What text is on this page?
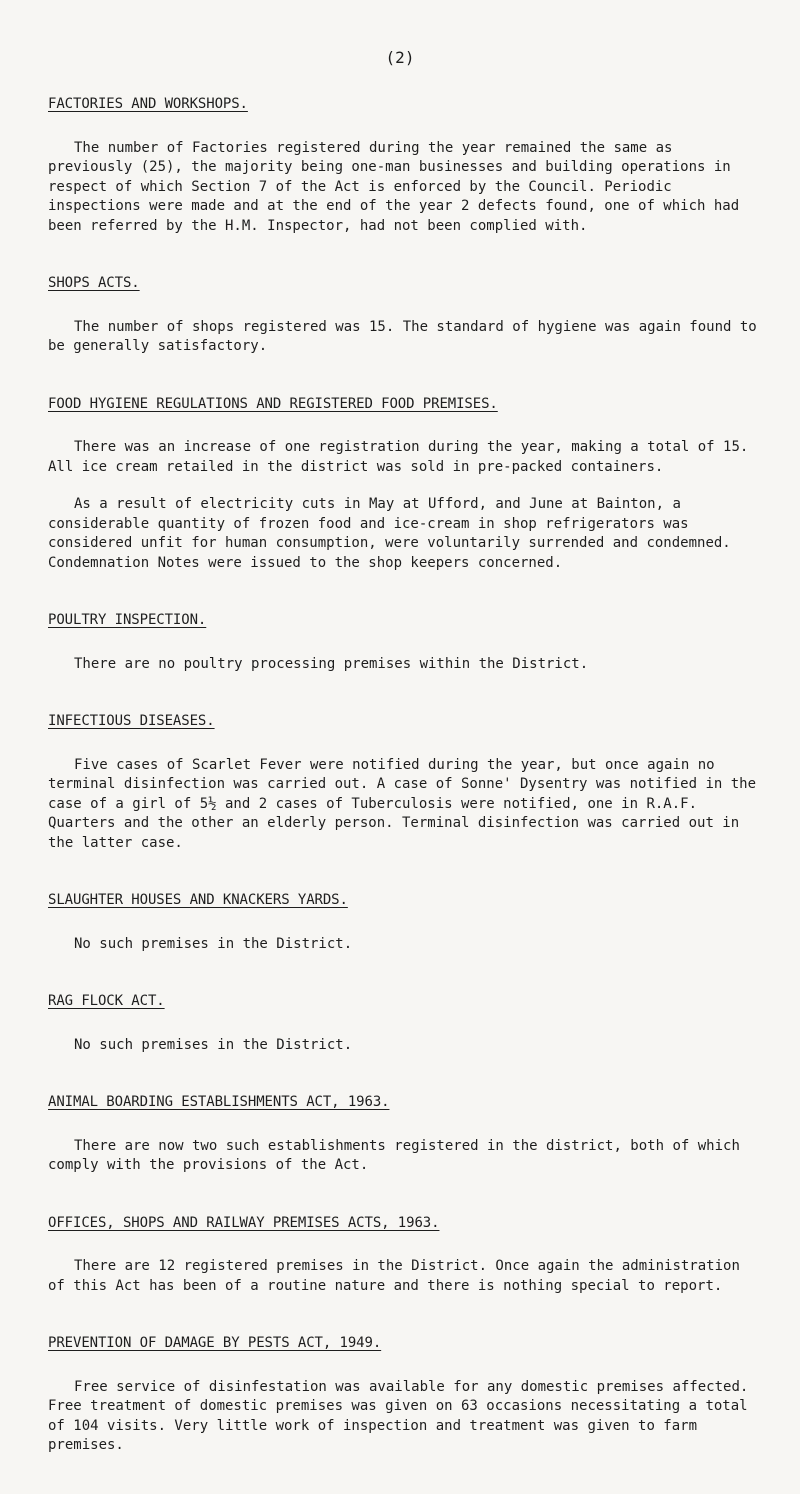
(2)
FACTORIES AND WORKSHOPS.

The number of Factories registered during the year remained the same as previously (25), the majority being one-man businesses and building operations in respect of which Section 7 of the Act is enforced by the Council. Periodic inspections were made and at the end of the year 2 defects found, one of which had been referred by the H.M. Inspector, had not been complied with.

SHOPS ACTS.

The number of shops registered was 15. The standard of hygiene was again found to be generally satisfactory.

FOOD HYGIENE REGULATIONS AND REGISTERED FOOD PREMISES.

There was an increase of one registration during the year, making a total of 15. All ice cream retailed in the district was sold in pre-packed containers.

As a result of electricity cuts in May at Ufford, and June at Bainton, a considerable quantity of frozen food and ice-cream in shop refrigerators was considered unfit for human consumption, were voluntarily surrended and condemned. Condemnation Notes were issued to the shop keepers concerned.

POULTRY INSPECTION.

There are no poultry processing premises within the District.

INFECTIOUS DISEASES.

Five cases of Scarlet Fever were notified during the year, but once again no terminal disinfection was carried out. A case of Sonne' Dysentry was notified in the case of a girl of 5½ and 2 cases of Tuberculosis were notified, one in R.A.F. Quarters and the other an elderly person. Terminal disinfection was carried out in the latter case.

SLAUGHTER HOUSES AND KNACKERS YARDS.

No such premises in the District.

RAG FLOCK ACT.

No such premises in the District.

ANIMAL BOARDING ESTABLISHMENTS ACT, 1963.

There are now two such establishments registered in the district, both of which comply with the provisions of the Act.

OFFICES, SHOPS AND RAILWAY PREMISES ACTS, 1963.

There are 12 registered premises in the District. Once again the administration of this Act has been of a routine nature and there is nothing special to report.

PREVENTION OF DAMAGE BY PESTS ACT, 1949.

Free service of disinfestation was available for any domestic premises affected. Free treatment of domestic premises was given on 63 occasions necessitating a total of 104 visits. Very little work of inspection and treatment was given to farm premises.
